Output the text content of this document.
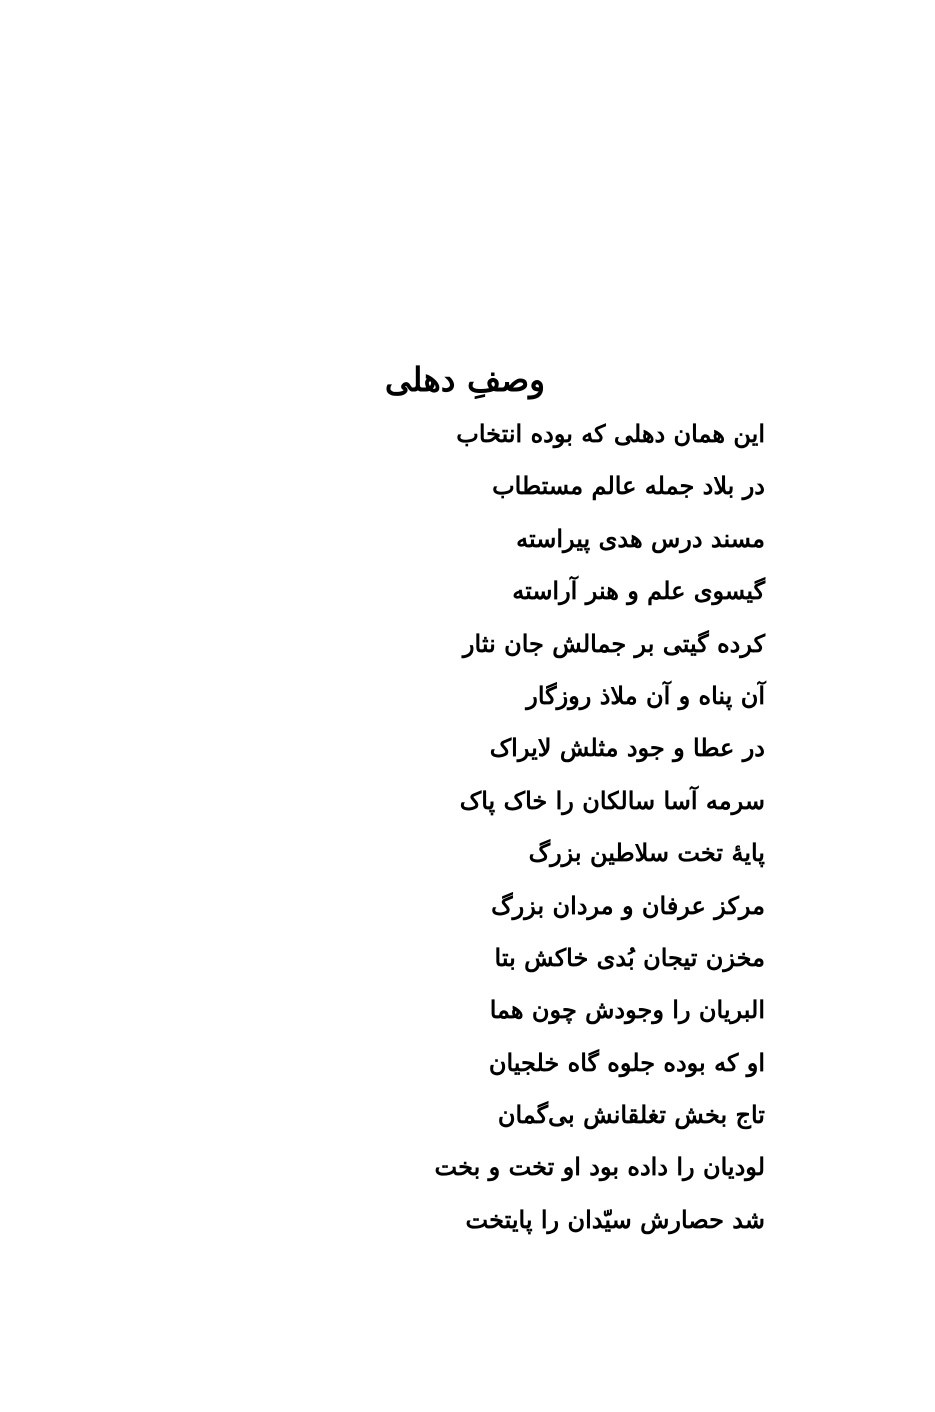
وصفِ دهلی
این همان دهلی که بوده انتخاب
در بلاد جمله عالم مستطاب
مسند درس هدی پیراسته
گیسوی علم و هنر آراسته
کرده گیتی بر جمالش جان نثار
آن پناه و آن ملاذ روزگار
در عطا و جود مثلش لایراک
سرمه آسا سالکان را خاک پاک
پایۀ تخت سلاطین بزرگ
مرکز عرفان و مردان بزرگ
مخزن تیجان بُدی خاکش بتا
البریان را وجودش چون هما
او که بوده جلوه گاه خلجیان
تاج بخش تغلقانش بی‌گمان
لودیان را داده بود او تخت و بخت
شد حصارش سیّدان را پایتخت
